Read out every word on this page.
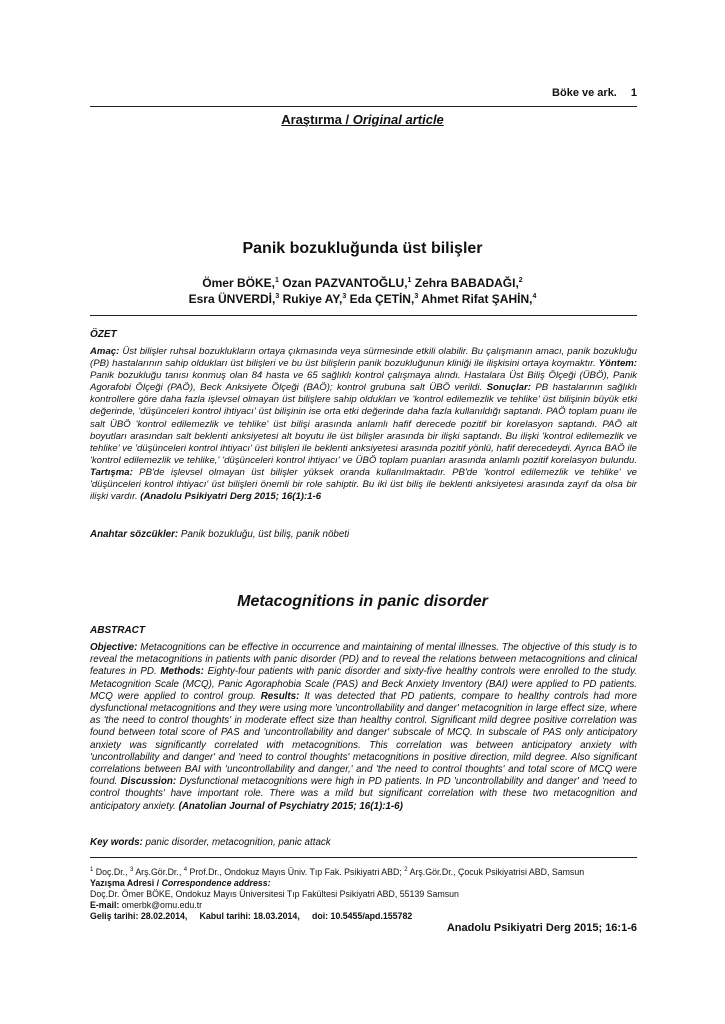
Böke ve ark. 1
Araştırma / Original article
Panik bozukluğunda üst bilişler
Ömer BÖKE,$^1$ Ozan PAZVANTOĞLU,$^1$ Zehra BABADAĞI,$^2$
Esra ÜNVERDİ,$^3$ Rukiye AY,$^3$ Eda ÇETİN,$^3$ Ahmet Rifat ŞAHİN,$^4$
ÖZET
Amaç: Üst bilişler ruhsal bozuklukların ortaya çıkmasında veya sürmesinde etkili olabilir. Bu çalışmanın amacı, panik bozukluğu (PB) hastalarının sahip oldukları üst bilişleri ve bu üst bilişlerin panik bozukluğunun kliniği ile ilişkisini ortaya koymaktır. Yöntem: Panik bozukluğu tanısı konmuş olan 84 hasta ve 65 sağlıklı kontrol çalışmaya alındı. Hastalara Üst Biliş Ölçeği (ÜBÖ), Panik Agorafobi Ölçeği (PAÖ), Beck Anksiyete Ölçeği (BAÖ); kontrol grubuna salt ÜBÖ verildi. Sonuçlar: PB hastalarının sağlıklı kontrollere göre daha fazla işlevsel olmayan üst bilişlere sahip oldukları ve 'kontrol edilemezlik ve tehlike' üst bilişinin büyük etki değerinde, 'düşünceleri kontrol ihtiyacı' üst bilişinin ise orta etki değerinde daha fazla kullanıldığı saptandı. PAÖ toplam puanı ile salt ÜBÖ 'kontrol edilemezlik ve tehlike' üst bilişi arasında anlamlı hafif derecede pozitif bir korelasyon saptandı. PAÖ alt boyutları arasından salt beklenti anksiyetesi alt boyutu ile üst bilişler arasında bir ilişki saptandı. Bu ilişki 'kontrol edilemezlik ve tehlike' ve 'düşünceleri kontrol ihtiyacı' üst bilişleri ile beklenti anksiyetesi arasında pozitif yönlü, hafif derecedeydi. Ayrıca BAÖ ile 'kontrol edilemezlik ve tehlike,' 'düşünceleri kontrol ihtiyacı' ve ÜBÖ toplam puanları arasında anlamlı pozitif korelasyon bulundu. Tartışma: PB'de işlevsel olmayan üst bilişler yüksek oranda kullanılmaktadır. PB'de 'kontrol edilemezlik ve tehlike' ve 'düşünceleri kontrol ihtiyacı' üst bilişleri önemli bir role sahiptir. Bu iki üst biliş ile beklenti anksiyetesi arasında zayıf da olsa bir ilişki vardır. (Anadolu Psikiyatri Derg 2015; 16(1):1-6
Anahtar sözcükler: Panik bozukluğu, üst biliş, panik nöbeti
Metacognitions in panic disorder
ABSTRACT
Objective: Metacognitions can be effective in occurrence and maintaining of mental illnesses. The objective of this study is to reveal the metacognitions in patients with panic disorder (PD) and to reveal the relations between metacognitions and clinical features in PD. Methods: Eighty-four patients with panic disorder and sixty-five healthy controls were enrolled to the study. Metacognition Scale (MCQ), Panic Agoraphobia Scale (PAS) and Beck Anxiety Inventory (BAI) were applied to PD patients. MCQ were applied to control group. Results: It was detected that PD patients, compare to healthy controls had more dysfunctional metacognitions and they were using more 'uncontrollability and danger' metacognition in large effect size, where as 'the need to control thoughts' in moderate effect size than healthy control. Significant mild degree positive correlation was found between total score of PAS and 'uncontrollability and danger' subscale of MCQ. In subscale of PAS only anticipatory anxiety was significantly correlated with metacognitions. This correlation was between anticipatory anxiety with 'uncontrollability and danger' and 'need to control thoughts' metacognitions in positive direction, mild degree. Also significant correlations between BAI with 'uncontrollability and danger,' and 'the need to control thoughts' and total score of MCQ were found. Discussion: Dysfunctional metacognitions were high in PD patients. In PD 'uncontrollability and danger' and 'need to control thoughts' have important role. There was a mild but significant correlation with these two metacognition and anticipatory anxiety. (Anatolian Journal of Psychiatry 2015; 16(1):1-6)
Key words: panic disorder, metacognition, panic attack
$^1$ Doç.Dr., $^3$ Arş.Gör.Dr., $^4$ Prof.Dr., Ondokuz Mayıs Üniv. Tıp Fak. Psikiyatri ABD; $^2$ Arş.Gör.Dr., Çocuk Psikiyatrisi ABD, Samsun
Yazışma Adresi / Correspondence address:
Doç.Dr. Ömer BÖKE, Ondokuz Mayıs Üniversitesi Tıp Fakültesi Psikiyatri ABD, 55139 Samsun
E-mail: omerbk@omu.edu.tr
Geliş tarihi: 28.02.2014,     Kabul tarihi: 18.03.2014,     doi: 10.5455/apd.155782
Anadolu Psikiyatri Derg 2015; 16:1-6
